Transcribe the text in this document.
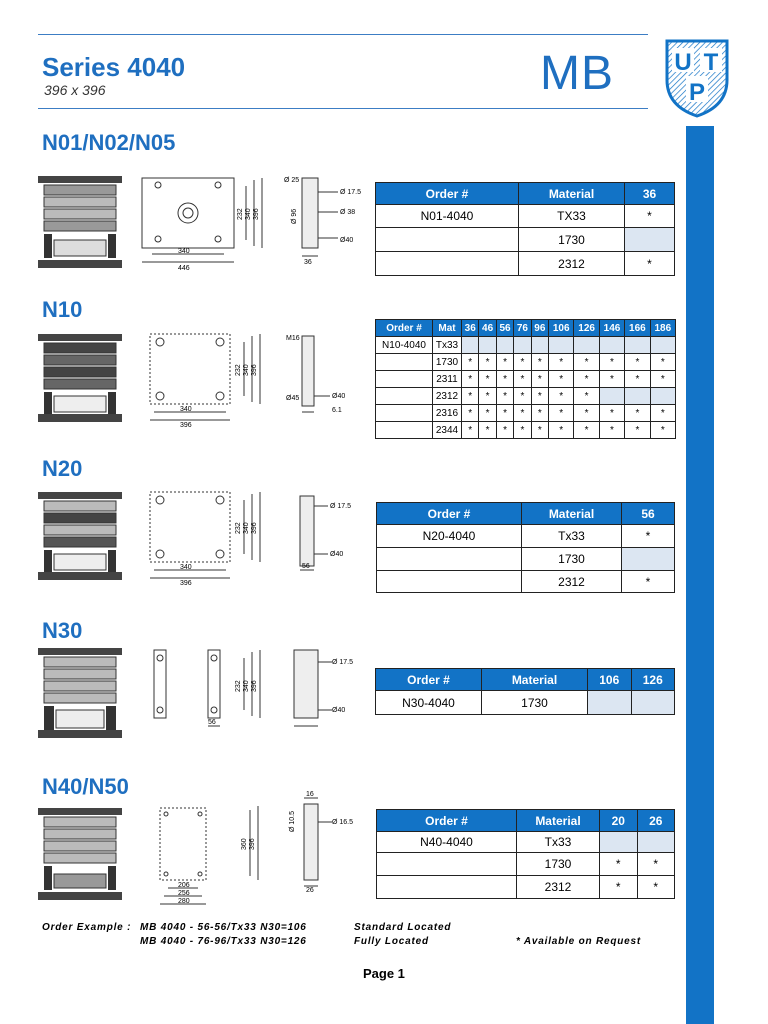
Series 4040
396 x 396	MB	U T
P
N01/N02/N05
340
446
232 340 396
Ø 25
Ø 17.5
Ø 96	Ø 38
Ø40
36
Order #	Material	36
N01-4040	TX33	*
	1730	
	2312	*
N10
340
396
232 340 396
M16
Ø45	Ø40
6.1
Order #	Mat	36	46	56	76	96	106	126	146	166	186
N10-4040	Tx33										
	1730	*	*	*	*	*	*	*	*	*	*
	2311	*	*	*	*	*	*	*	*	*	*
	2312	*	*	*	*	*	*	*			
	2316	*	*	*	*	*	*	*	*	*	*
	2344	*	*	*	*	*	*	*	*	*	*
N20
340
396
232 340 396
Ø 17.5
Ø40
56
Order #	Material	56
N20-4040	Tx33	*
	1730	
	2312	*
N30
56
232 340 396
Ø 17.5
Ø40
Order #	Material	106	126
N30-4040	1730		
N40/N50
206
256
280
360 396
16
Ø 10.5	Ø 16.5
26
Order #	Material	20	26
N40-4040	Tx33		
	1730	*	*
	2312	*	*
Order Example : MB 4040 - 56-56/Tx33 N30=106	Standard Located
MB 4040 - 76-96/Tx33 N30=126	Fully Located	* Available on Request
Page 1
